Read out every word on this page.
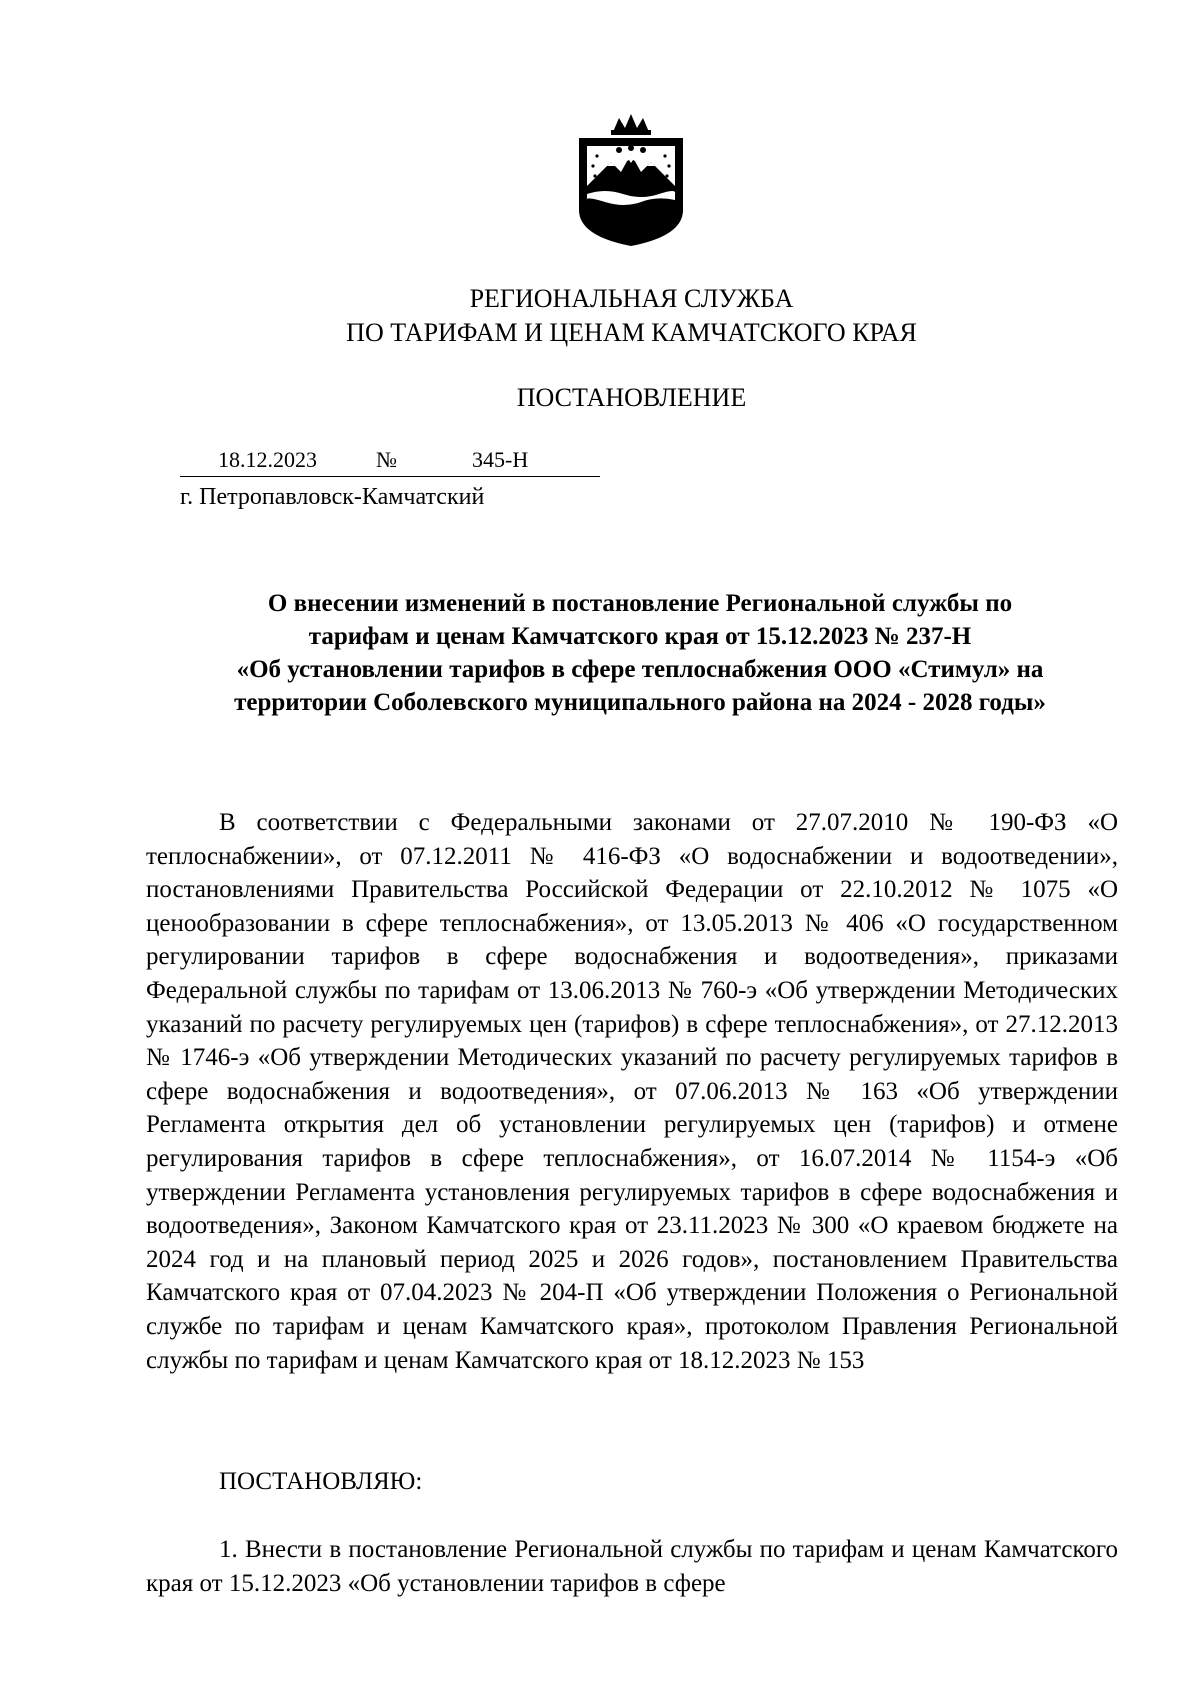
РЕГИОНАЛЬНАЯ СЛУЖБА
ПО ТАРИФАМ И ЦЕНАМ КАМЧАТСКОГО КРАЯ
ПОСТАНОВЛЕНИЕ
18.12.2023	№	345-Н
г. Петропавловск-Камчатский
О внесении изменений в постановление Региональной службы по
тарифам и ценам Камчатского края от 15.12.2023 № 237-Н
«Об установлении тарифов в сфере теплоснабжения ООО «Стимул» на
территории Соболевского муниципального района на 2024 - 2028 годы»
В соответствии с Федеральными законами от 27.07.2010 № 190-ФЗ «О теплоснабжении», от 07.12.2011 № 416-ФЗ «О водоснабжении и водоотведении», постановлениями Правительства Российской Федерации от 22.10.2012 № 1075 «О ценообразовании в сфере теплоснабжения», от 13.05.2013 № 406 «О государственном регулировании тарифов в сфере водоснабжения и водоотведения», приказами Федеральной службы по тарифам от 13.06.2013 № 760-э «Об утверждении Методических указаний по расчету регулируемых цен (тарифов) в сфере теплоснабжения», от 27.12.2013 № 1746-э «Об утверждении Методических указаний по расчету регулируемых тарифов в сфере водоснабжения и водоотведения», от 07.06.2013 № 163 «Об утверждении Регламента открытия дел об установлении регулируемых цен (тарифов) и отмене регулирования тарифов в сфере теплоснабжения», от 16.07.2014 № 1154-э «Об утверждении Регламента установления регулируемых тарифов в сфере водоснабжения и водоотведения», Законом Камчатского края от 23.11.2023 № 300 «О краевом бюджете на 2024 год и на плановый период 2025 и 2026 годов», постановлением Правительства Камчатского края от 07.04.2023 № 204-П «Об утверждении Положения о Региональной службе по тарифам и ценам Камчатского края», протоколом Правления Региональной службы по тарифам и ценам Камчатского края от 18.12.2023 № 153
ПОСТАНОВЛЯЮ:
1. Внести в постановление Региональной службы по тарифам и ценам Камчатского края от 15.12.2023 «Об установлении тарифов в сфере
